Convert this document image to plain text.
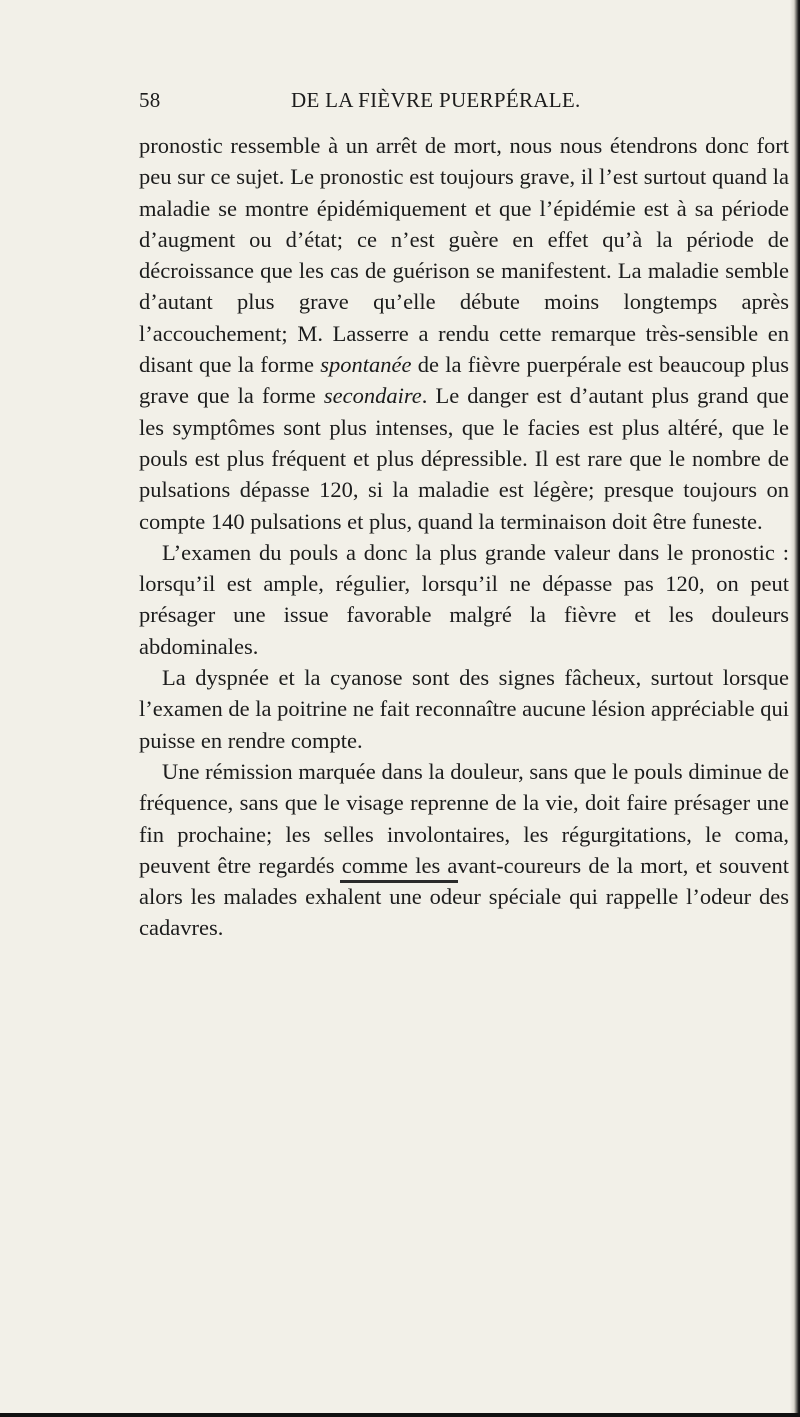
58	DE LA FIÈVRE PUERPÉRALE.

pronostic ressemble à un arrêt de mort, nous nous étendrons donc fort peu sur ce sujet. Le pronostic est toujours grave, il l’est surtout quand la maladie se montre épidémiquement et que l’épidémie est à sa période d’augment ou d’état; ce n’est guère en effet qu’à la période de décroissance que les cas de guérison se manifestent. La maladie semble d’autant plus grave qu’elle débute moins longtemps après l’accouchement; M. Lasserre a rendu cette remarque très-sensible en disant que la forme spontanée de la fièvre puerpérale est beaucoup plus grave que la forme secondaire. Le danger est d’autant plus grand que les symptômes sont plus intenses, que le facies est plus altéré, que le pouls est plus fréquent et plus dépressible. Il est rare que le nombre de pulsations dépasse 120, si la maladie est légère; presque toujours on compte 140 pulsations et plus, quand la terminaison doit être funeste.

L’examen du pouls a donc la plus grande valeur dans le pronostic : lorsqu’il est ample, régulier, lorsqu’il ne dépasse pas 120, on peut présager une issue favorable malgré la fièvre et les douleurs abdominales.

La dyspnée et la cyanose sont des signes fâcheux, surtout lorsque l’examen de la poitrine ne fait reconnaître aucune lésion appréciable qui puisse en rendre compte.

Une rémission marquée dans la douleur, sans que le pouls diminue de fréquence, sans que le visage reprenne de la vie, doit faire présager une fin prochaine; les selles involontaires, les régurgitations, le coma, peuvent être regardés comme les avant-coureurs de la mort, et souvent alors les malades exhalent une odeur spéciale qui rappelle l’odeur des cadavres.
